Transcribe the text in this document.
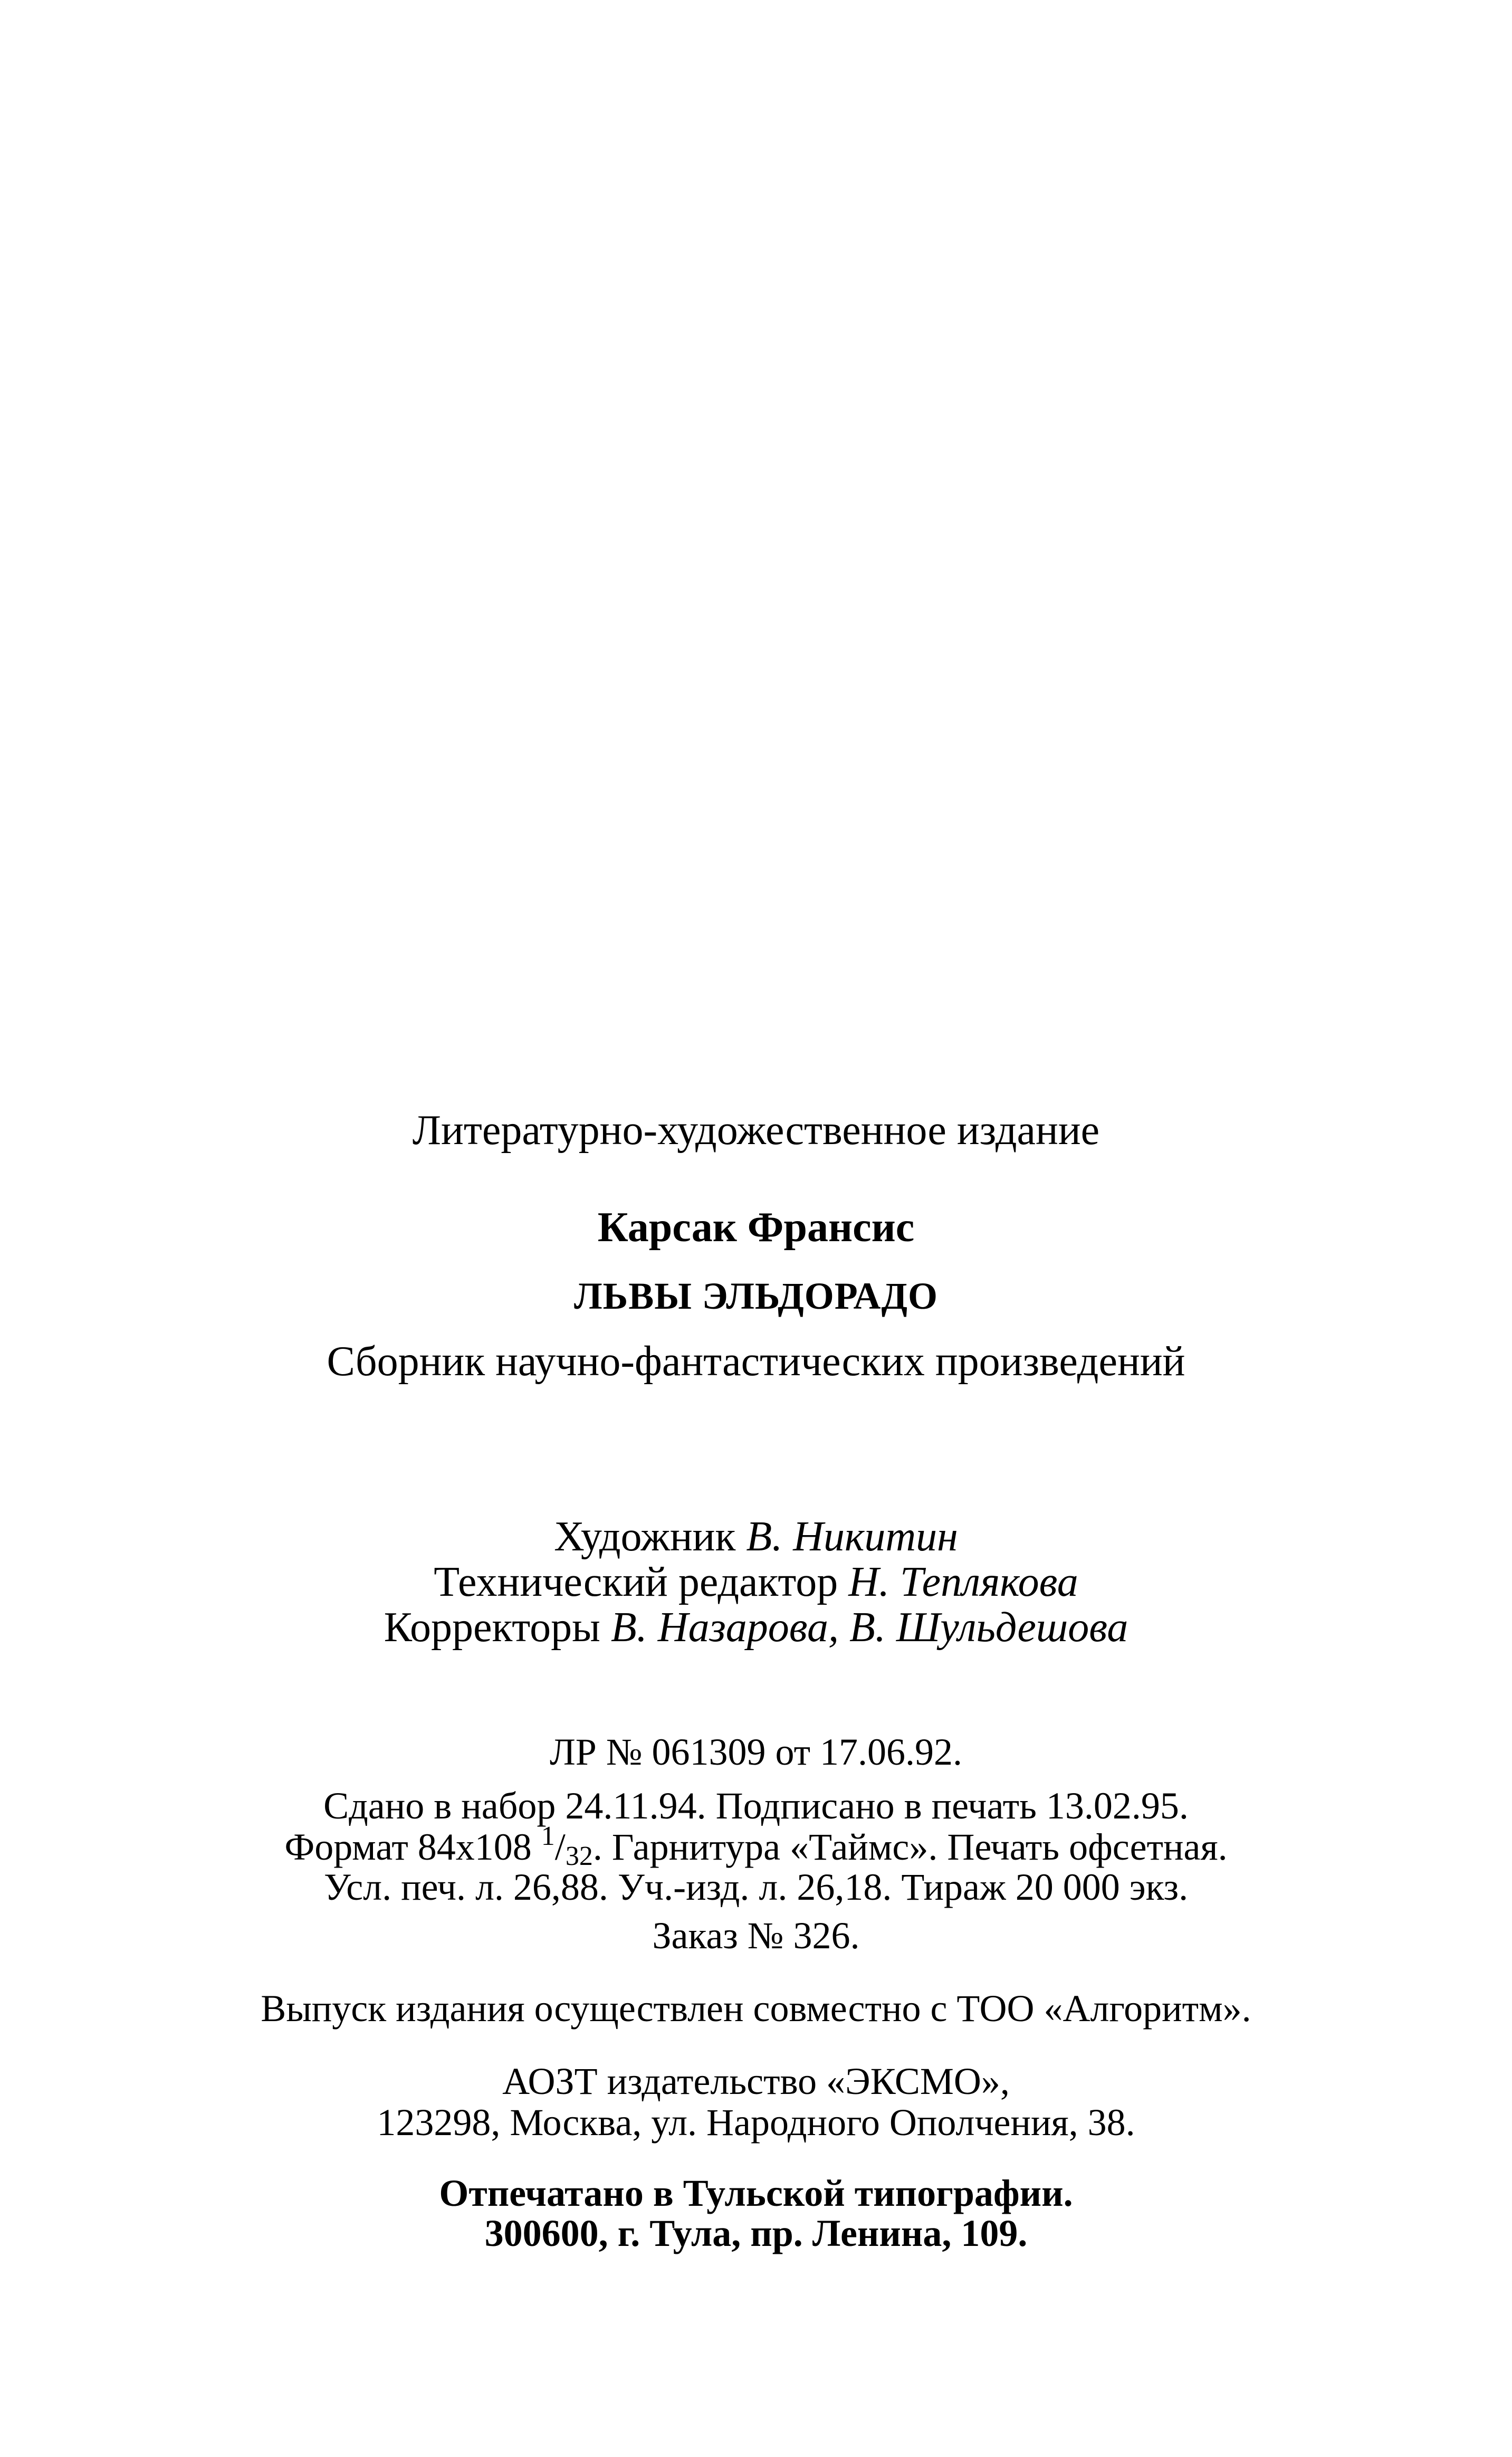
Литературно-художественное издание
Карсак Франсис
ЛЬВЫ ЭЛЬДОРАДО
Сборник научно-фантастических произведений
Художник В. Никитин
Технический редактор Н. Теплякова
Корректоры В. Назарова, В. Шульдешова
ЛР № 061309 от 17.06.92.
Сдано в набор 24.11.94. Подписано в печать 13.02.95.
Формат 84x108 $^1/_{32}$. Гарнитура «Таймс». Печать офсетная.
Усл. печ. л. 26,88. Уч.-изд. л. 26,18. Тираж 20 000 экз.
Заказ № 326.
Выпуск издания осуществлен совместно с ТОО «Алгоритм».
АОЗТ издательство «ЭКСМО»,
123298, Москва, ул. Народного Ополчения, 38.
Отпечатано в Тульской типографии.
300600, г. Тула, пр. Ленина, 109.
